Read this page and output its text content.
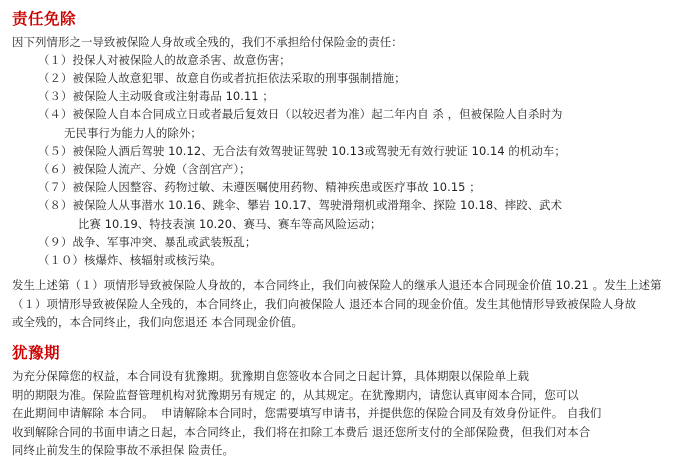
责任免除
因下列情形之一导致被保险人身故或全残的，我们不承担给付保险金的责任：
（１）投保人对被保险人的故意杀害、故意伤害；
（２）被保险人故意犯罪、故意自伤或者抗拒依法采取的刑事强制措施；
（３）被保险人主动吸食或注射毒品 10.11 ；
（４）被保险人自本合同成立日或者最后复效日（以较迟者为准）起二年内自 杀 ，但被保险人自杀时为
无民事行为能力人的除外；
（５）被保险人酒后驾驶 10.12、无合法有效驾驶证驾驶 10.13或驾驶无有效行驶证 10.14 的机动车；
（６）被保险人流产、分娩（含剖宫产）；
（７）被保险人因整容、药物过敏、未遵医嘱使用药物、精神疾患或医疗事故 10.15 ；
（８）被保险人从事潜水 10.16、跳伞、攀岩 10.17、驾驶滑翔机或滑翔伞、探险 10.18、摔跤、武术
比赛 10.19、特技表演 10.20、赛马、赛车等高风险运动；
（９）战争、军事冲突、暴乱或武装叛乱；
（１０）核爆炸、核辐射或核污染。
发生上述第（１）项情形导致被保险人身故的，本合同终止，我们向被保险人的继承人退还本合同现金价值 10.21 。发生上述第
（１）项情形导致被保险人全残的，本合同终止，我们向被保险人 退还本合同的现金价值。发生其他情形导致被保险人身故
或全残的，本合同终止，我们向您退还 本合同现金价值。
犹豫期
为充分保障您的权益，本合同设有犹豫期。犹豫期自您签收本合同之日起计算，具体期限以保险单上载
明的期限为准。保险监督管理机构对犹豫期另有规定 的，从其规定。在犹豫期内，请您认真审阅本合同，您可以
在此期间申请解除 本合同。  申请解除本合同时，您需要填写申请书，并提供您的保险合同及有效身份证件。 自我们
收到解除合同的书面申请之日起，本合同终止，我们将在扣除工本费后 退还您所支付的全部保险费，但我们对本合
同终止前发生的保险事故不承担保 险责任。
